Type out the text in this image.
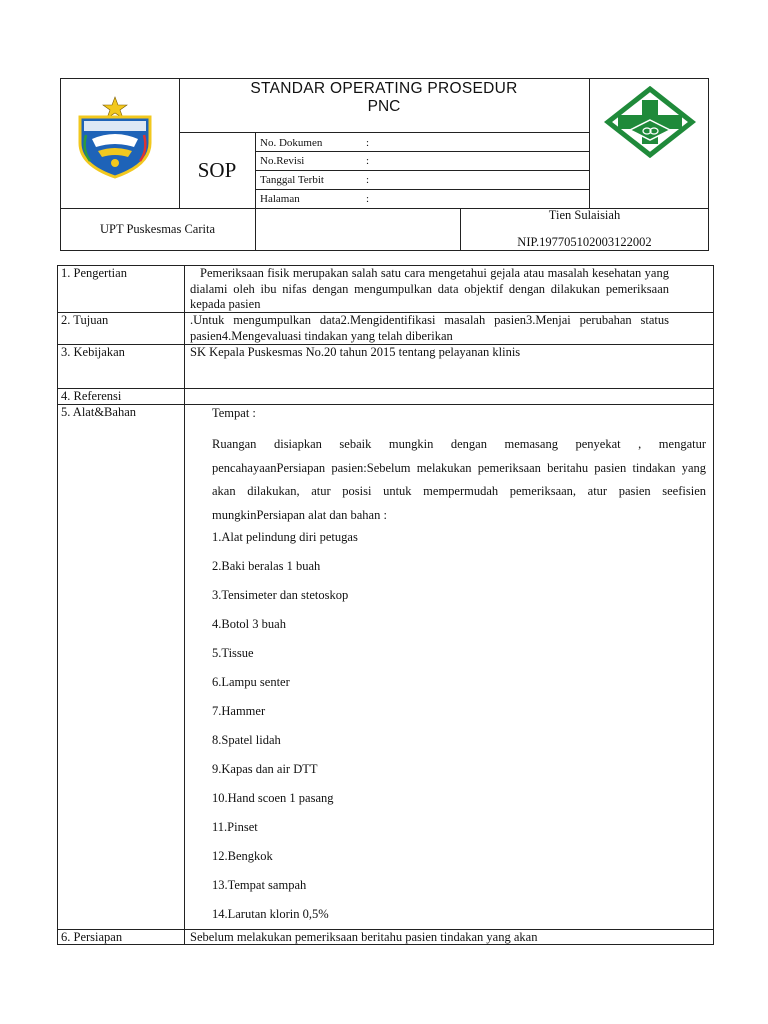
STANDAR OPERATING PROSEDUR
PNC
SOP
No. Dokumen	:
No.Revisi	:
Tanggal Terbit	:
Halaman	:
UPT Puskesmas Carita
Tien Sulaisiah
NIP.197705102003122002
1. Pengertian	Pemeriksaan fisik merupakan salah satu cara mengetahui gejala atau masalah kesehatan yang dialami oleh ibu nifas dengan mengumpulkan data objektif dengan dilakukan pemeriksaan kepada pasien
2. Tujuan	.Untuk mengumpulkan data2.Mengidentifikasi masalah pasien3.Menjai perubahan status pasien4.Mengevaluasi tindakan yang telah diberikan
3. Kebijakan	SK Kepala Puskesmas No.20 tahun 2015 tentang pelayanan klinis
4. Referensi
5. Alat&Bahan	Tempat :
Ruangan disiapkan sebaik mungkin dengan memasang penyekat , mengatur pencahayaanPersiapan pasien:Sebelum melakukan pemeriksaan beritahu pasien tindakan yang akan dilakukan, atur posisi untuk mempermudah pemeriksaan, atur pasien seefisien mungkinPersiapan alat dan bahan :
1.Alat pelindung diri petugas
2.Baki beralas 1 buah
3.Tensimeter dan stetoskop
4.Botol 3 buah
5.Tissue
6.Lampu senter
7.Hammer
8.Spatel lidah
9.Kapas dan air DTT
10.Hand scoen 1 pasang
11.Pinset
12.Bengkok
13.Tempat sampah
14.Larutan klorin 0,5%
6. Persiapan	Sebelum melakukan pemeriksaan beritahu pasien tindakan yang akan
